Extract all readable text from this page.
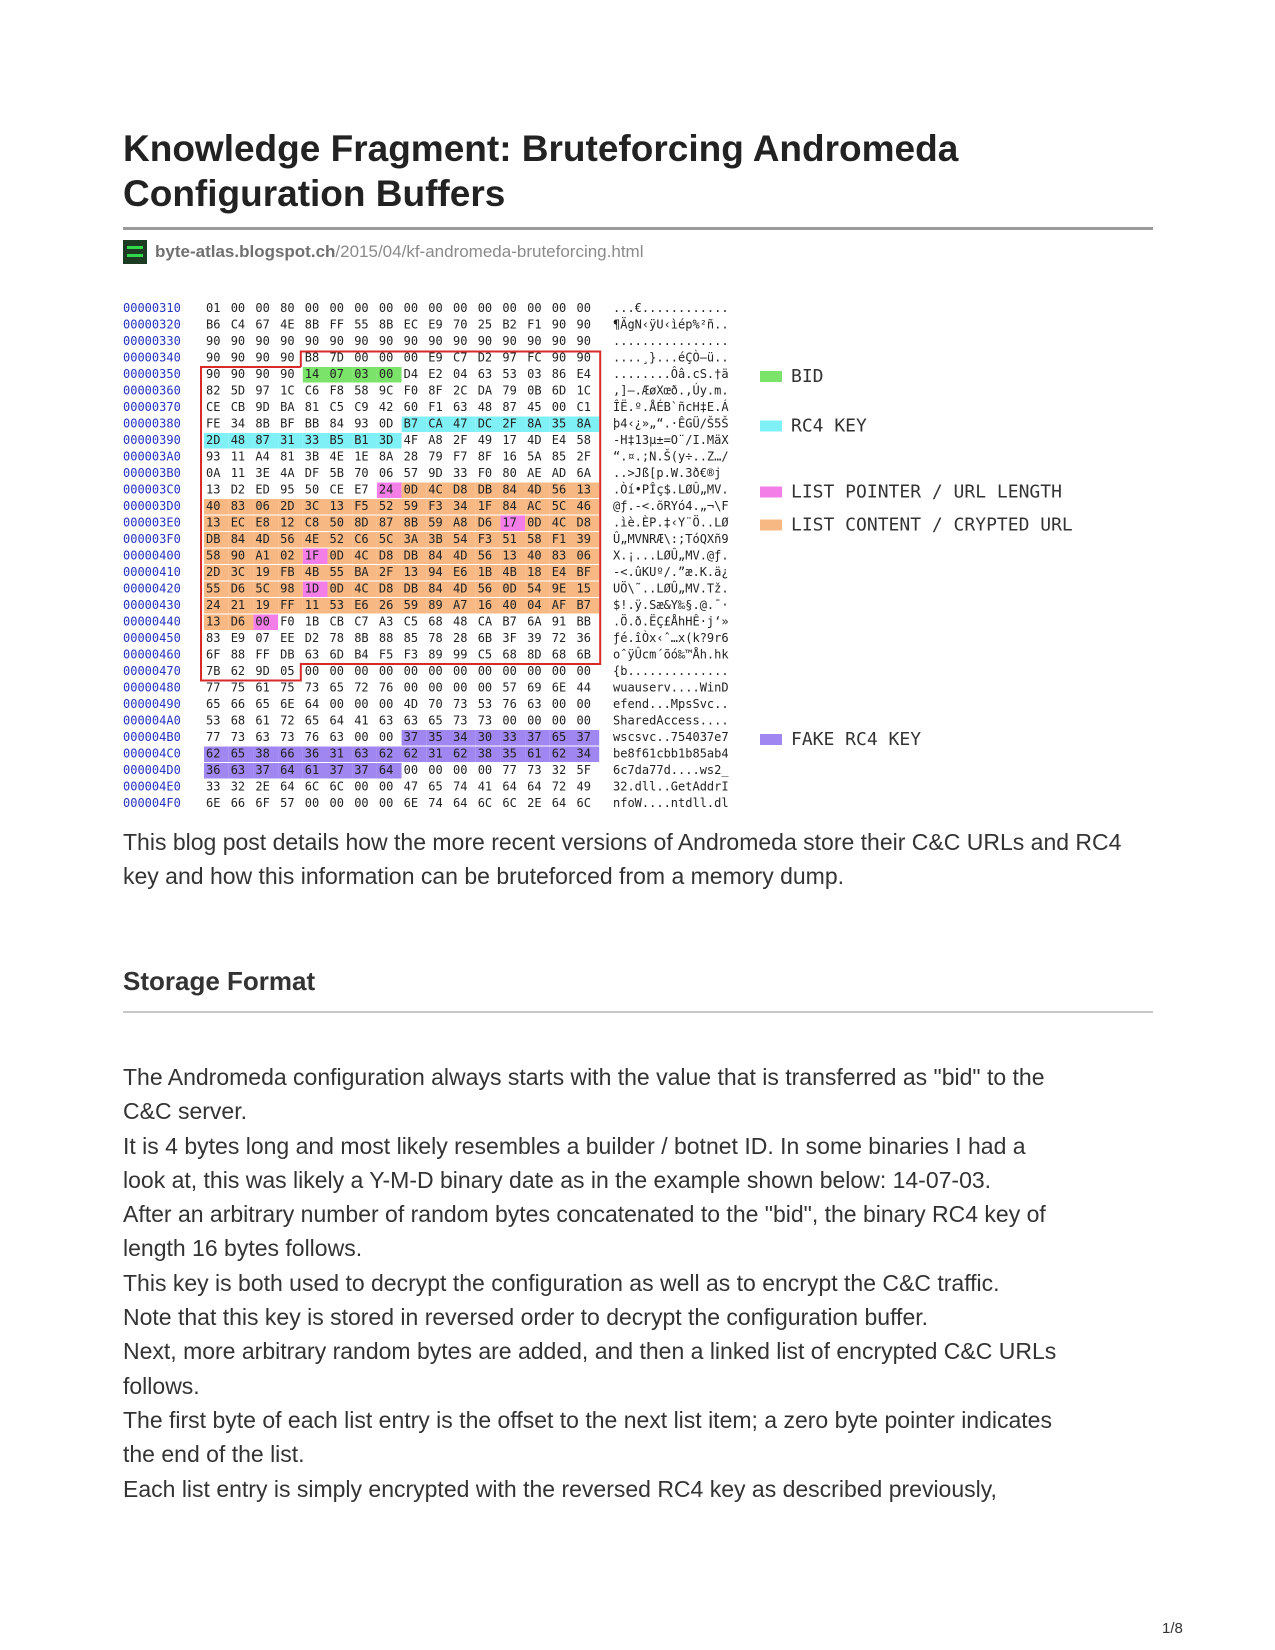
Knowledge Fragment: Bruteforcing Andromeda Configuration Buffers
byte-atlas.blogspot.ch /2015/04/kf-andromeda-bruteforcing.html
00000310 01 00 00 80 00 00 00 00 00 00 00 00 00 00 00 00 ...€............
00000320 B6 C4 67 4E 8B FF 55 8B EC E9 70 25 B2 F1 90 90 ¶ÄgN‹ÿU‹ìép%²ñ..
00000330 90 90 90 90 90 90 90 90 90 90 90 90 90 90 90 90 ................
00000340 90 90 90 90 B8 7D 00 00 00 E9 C7 D2 97 FC 90 90 ....¸}...éÇÒ—ü..
00000350 90 90 90 90 14 07 03 00 D4 E2 04 63 53 03 86 E4 ........Ôâ.cS.†ä
00000360 82 5D 97 1C C6 F8 58 9C F0 8F 2C DA 79 0B 6D 1C ,]—.ÆøXœð.,Úy.m.
00000370 CE CB 9D BA 81 C5 C9 42 60 F1 63 48 87 45 00 C1 ÎË.º.ÅÉB`ñcH‡E.Á
00000380 FE 34 8B BF BB 84 93 0D B7 CA 47 DC 2F 8A 35 8A þ4‹¿»„“.·ÊGÜ/Š5Š
00000390 2D 48 87 31 33 B5 B1 3D 4F A8 2F 49 17 4D E4 58 -H‡13µ±=O¨/I.MäX
000003A0 93 11 A4 81 3B 4E 1E 8A 28 79 F7 8F 16 5A 85 2F “.¤.;N.Š(y÷..Z…/
000003B0 0A 11 3E 4A DF 5B 70 06 57 9D 33 F0 80 AE AD 6A ..>Jß[p.W.3ð€®j
000003C0 13 D2 ED 95 50 CE E7 24 0D 4C D8 DB 84 4D 56 13 .Òí•PÎç$.LØÛ„MV.
000003D0 40 83 06 2D 3C 13 F5 52 59 F3 34 1F 84 AC 5C 46 @ƒ.-<.õRYó4.„¬\F
000003E0 13 EC E8 12 C8 50 8D 87 8B 59 A8 D6 17 0D 4C D8 .ìè.ÈP.‡‹Y¨Ö..LØ
000003F0 DB 84 4D 56 4E 52 C6 5C 3A 3B 54 F3 51 58 F1 39 Û„MVNRÆ\:;TóQXñ9
00000400 58 90 A1 02 1F 0D 4C D8 DB 84 4D 56 13 40 83 06 X.¡...LØÛ„MV.@ƒ.
00000410 2D 3C 19 FB 4B 55 BA 2F 13 94 E6 1B 4B 18 E4 BF -<.ûKUº/.”æ.K.ä¿
00000420 55 D6 5C 98 1D 0D 4C D8 DB 84 4D 56 0D 54 9E 15 UÖ\˜..LØÛ„MV.Tž.
00000430 24 21 19 FF 11 53 E6 26 59 89 A7 16 40 04 AF B7 $!.ÿ.Sæ&Y‰§.@.¯·
00000440 13 D6 00 F0 1B CB C7 A3 C5 68 48 CA B7 6A 91 BB .Ö.ð.ËÇ£ÅhHÊ·j‘»
00000450 83 E9 07 EE D2 78 8B 88 85 78 28 6B 3F 39 72 36 ƒé.îÒx‹ˆ…x(k?9r6
00000460 6F 88 FF DB 63 6D B4 F5 F3 89 99 C5 68 8D 68 6B oˆÿÛcm´õó‰™Åh.hk
00000470 7B 62 9D 05 00 00 00 00 00 00 00 00 00 00 00 00 {b..............
00000480 77 75 61 75 73 65 72 76 00 00 00 00 57 69 6E 44 wuauserv....WinD
00000490 65 66 65 6E 64 00 00 00 4D 70 73 53 76 63 00 00 efend...MpsSvc..
000004A0 53 68 61 72 65 64 41 63 63 65 73 73 00 00 00 00 SharedAccess....
000004B0 77 73 63 73 76 63 00 00 37 35 34 30 33 37 65 37 wscsvc..754037e7
000004C0 62 65 38 66 36 31 63 62 62 31 62 38 35 61 62 34 be8f61cbb1b85ab4
000004D0 36 63 37 64 61 37 37 64 00 00 00 00 77 73 32 5F 6c7da77d....ws2_
000004E0 33 32 2E 64 6C 6C 00 00 47 65 74 41 64 64 72 49 32.dll..GetAddrI
000004F0 6E 66 6F 57 00 00 00 00 6E 74 64 6C 6C 2E 64 6C nfoW....ntdll.dl
BID
RC4 KEY
LIST POINTER / URL LENGTH
LIST CONTENT / CRYPTED URL
FAKE RC4 KEY

This blog post details how the more recent versions of Andromeda store their C&C URLs and RC4 key and how this information can be bruteforced from a memory dump.

Storage Format

The Andromeda configuration always starts with the value that is transferred as "bid" to the

C&C server.

It is 4 bytes long and most likely resembles a builder / botnet ID. In some binaries I had a

look at, this was likely a Y-M-D binary date as in the example shown below: 14-07-03.

After an arbitrary number of random bytes concatenated to the "bid", the binary RC4 key of

length 16 bytes follows.

This key is both used to decrypt the configuration as well as to encrypt the C&C traffic.

Note that this key is stored in reversed order to decrypt the configuration buffer.

Next, more arbitrary random bytes are added, and then a linked list of encrypted C&C URLs

follows.

The first byte of each list entry is the offset to the next list item; a zero byte pointer indicates

the end of the list.

Each list entry is simply encrypted with the reversed RC4 key as described previously,

1/8
